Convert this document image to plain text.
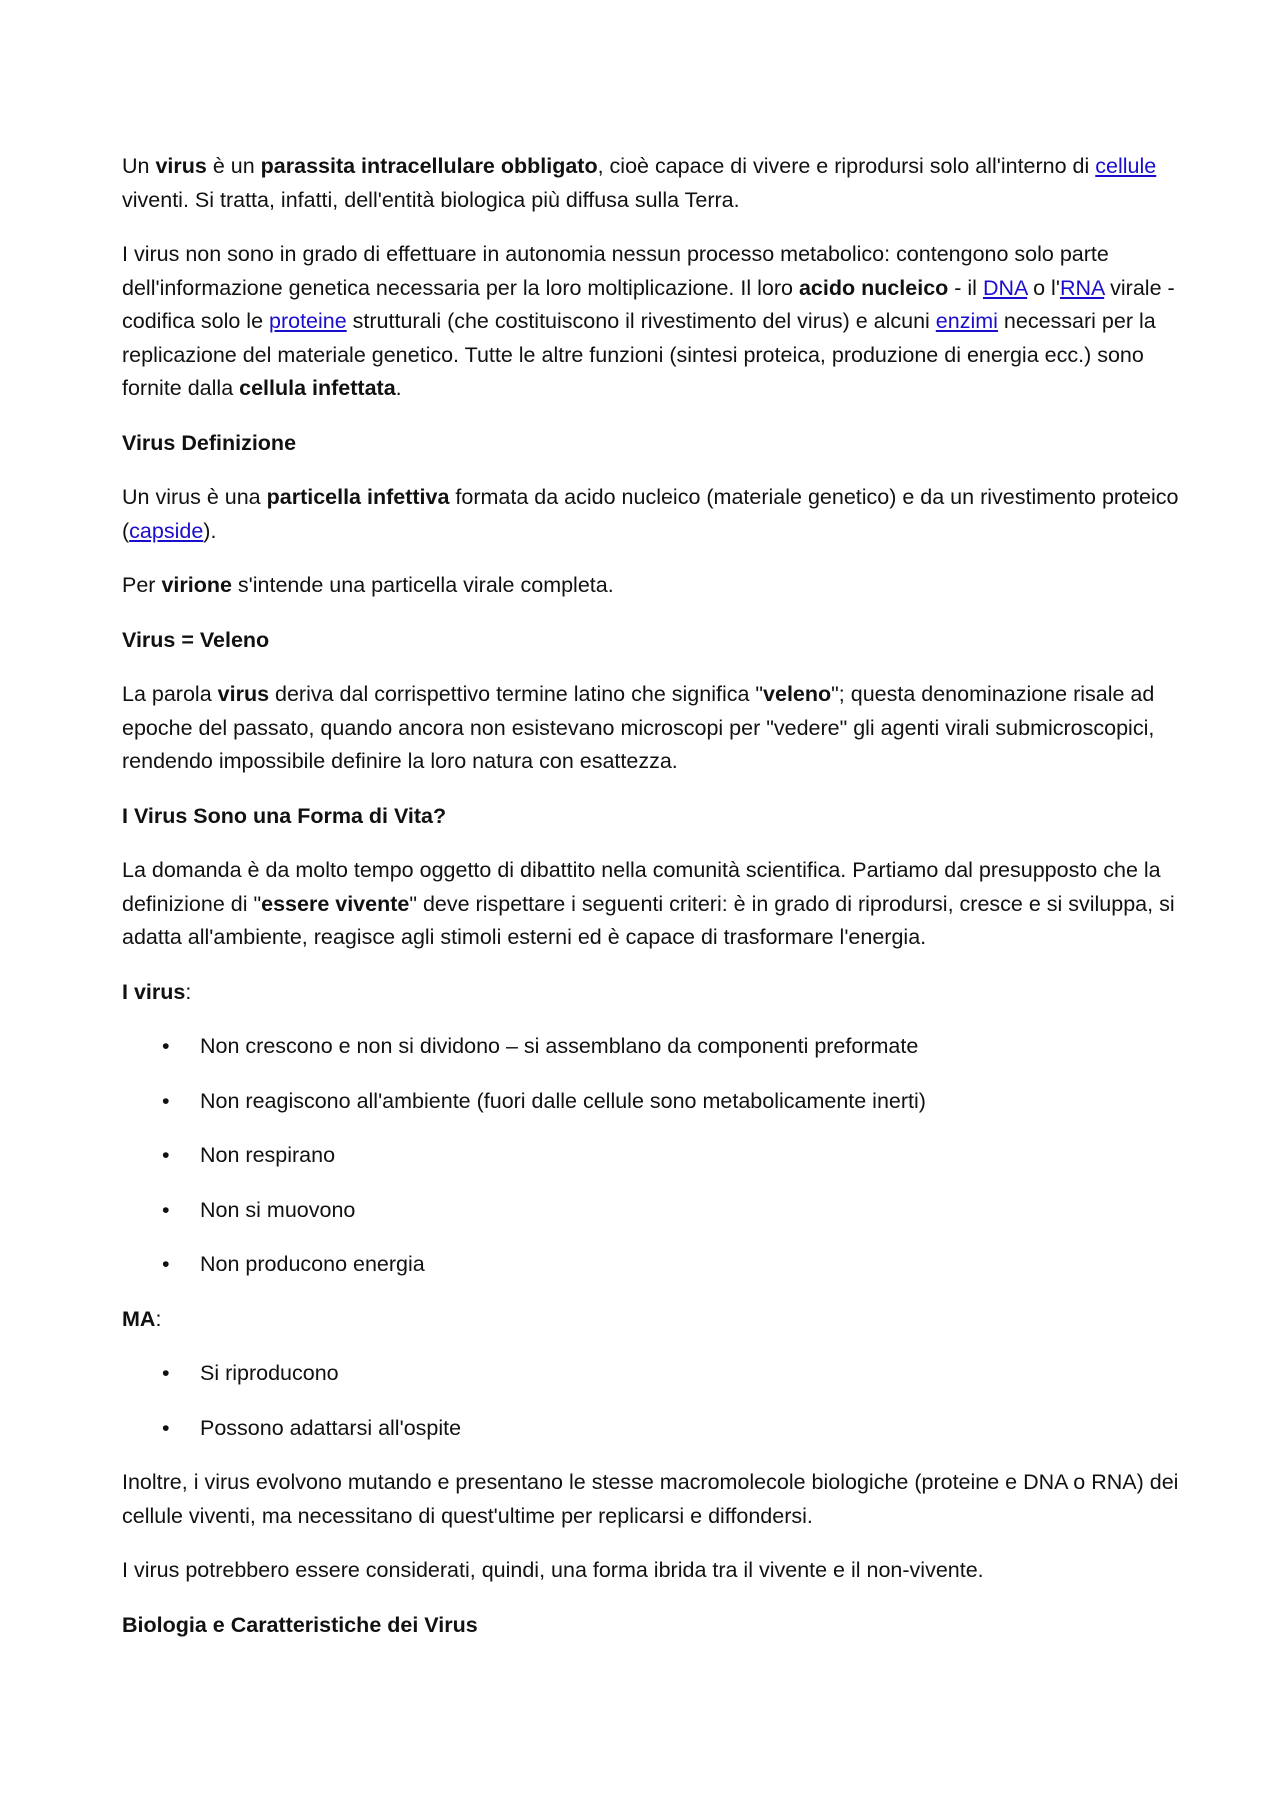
Un virus è un parassita intracellulare obbligato, cioè capace di vivere e riprodursi solo all'interno di cellule viventi. Si tratta, infatti, dell'entità biologica più diffusa sulla Terra.

I virus non sono in grado di effettuare in autonomia nessun processo metabolico: contengono solo parte dell'informazione genetica necessaria per la loro moltiplicazione. Il loro acido nucleico - il DNA o l'RNA virale - codifica solo le proteine strutturali (che costituiscono il rivestimento del virus) e alcuni enzimi necessari per la replicazione del materiale genetico. Tutte le altre funzioni (sintesi proteica, produzione di energia ecc.) sono fornite dalla cellula infettata.

Virus Definizione

Un virus è una particella infettiva formata da acido nucleico (materiale genetico) e da un rivestimento proteico (capside).

Per virione s'intende una particella virale completa.

Virus = Veleno

La parola virus deriva dal corrispettivo termine latino che significa "veleno"; questa denominazione risale ad epoche del passato, quando ancora non esistevano microscopi per "vedere" gli agenti virali submicroscopici, rendendo impossibile definire la loro natura con esattezza.

I Virus Sono una Forma di Vita?

La domanda è da molto tempo oggetto di dibattito nella comunità scientifica. Partiamo dal presupposto che la definizione di "essere vivente" deve rispettare i seguenti criteri: è in grado di riprodursi, cresce e si sviluppa, si adatta all'ambiente, reagisce agli stimoli esterni ed è capace di trasformare l'energia.

I virus:

• Non crescono e non si dividono – si assemblano da componenti preformate
• Non reagiscono all'ambiente (fuori dalle cellule sono metabolicamente inerti)
• Non respirano
• Non si muovono
• Non producono energia

MA:

• Si riproducono
• Possono adattarsi all'ospite

Inoltre, i virus evolvono mutando e presentano le stesse macromolecole biologiche (proteine e DNA o RNA) dei cellule viventi, ma necessitano di quest'ultime per replicarsi e diffondersi.

I virus potrebbero essere considerati, quindi, una forma ibrida tra il vivente e il non-vivente.

Biologia e Caratteristiche dei Virus
